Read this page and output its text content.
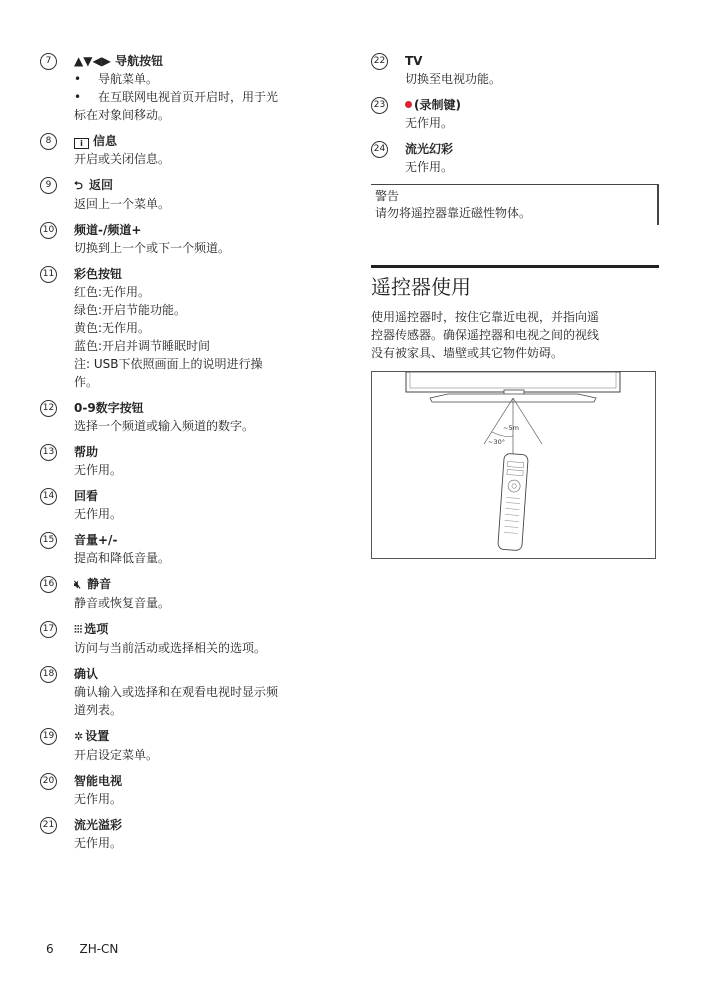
7	▲▼◀▶ 导航按钮
• 导航菜单。
• 在互联网电视首页开启时，用于光
标在对象间移动。
8	i 信息
开启或关闭信息。
9	⮌ 返回
返回上一个菜单。
10 频道-/频道+
切换到上一个或下一个频道。
11 彩色按钮
红色:无作用。
绿色:开启节能功能。
黄色:无作用。
蓝色:开启并调节睡眠时间
注: USB下依照画面上的说明进行操
作。
12 0-9数字按钮
选择一个频道或输入频道的数字。
13 帮助
无作用。
14 回看
无作用。
15 音量+/-
提高和降低音量。
16 🔇︎ 静音
静音或恢复音量。
17 ⫶⫶⫶ 选项
访问与当前活动或选择相关的选项。
18 确认
确认输入或选择和在观看电视时显示频
道列表。
19 ✲ 设置
开启设定菜单。
20 智能电视
无作用。
21 流光溢彩
无作用。
22 TV
切换至电视功能。
23	(录制键)
无作用。
24 流光幻彩
无作用。
警告
请勿将遥控器靠近磁性物体。
遥控器使用
使用遥控器时，按住它靠近电视，并指向遥
控器传感器。确保遥控器和电视之间的视线
没有被家具、墙壁或其它物件妨碍。
~5m
~30°
6 ZH-CN
